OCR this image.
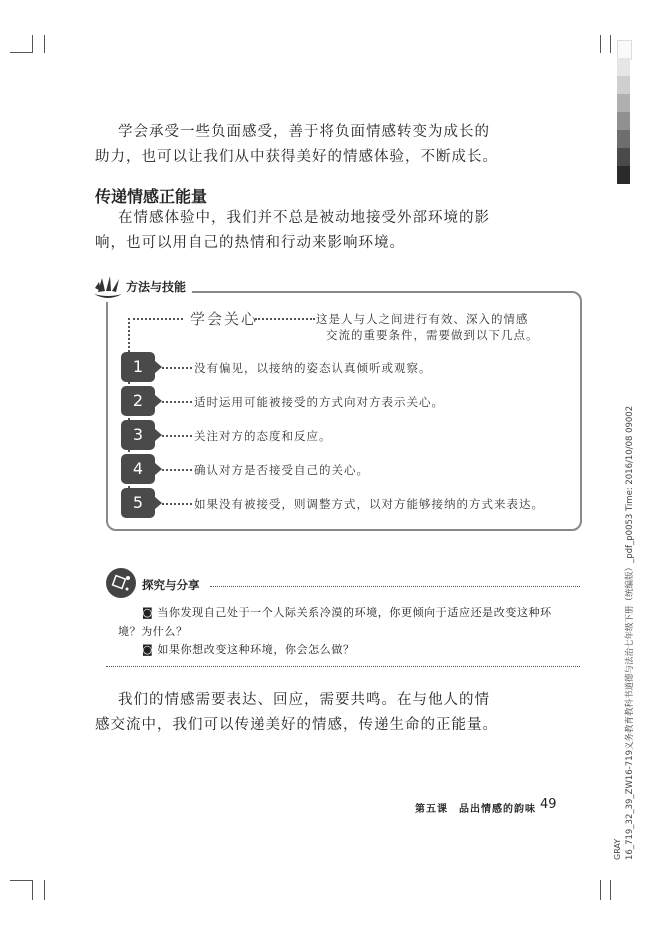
学会承受一些负面感受，善于将负面情感转变为成长的
助力，也可以让我们从中获得美好的情感体验，不断成长。
传递情感正能量
在情感体验中，我们并不总是被动地接受外部环境的影
响，也可以用自己的热情和行动来影响环境。
方法与技能
学会关心	这是人与人之间进行有效、深入的情感
交流的重要条件，需要做到以下几点。
1	没有偏见，以接纳的姿态认真倾听或观察。
2	适时运用可能被接受的方式向对方表示关心。
3	关注对方的态度和反应。
4	确认对方是否接受自己的关心。
5	如果没有被接受，则调整方式，以对方能够接纳的方式来表达。
探究与分享
◙ 当你发现自己处于一个人际关系冷漠的环境，你更倾向于适应还是改变这种环
境？为什么？
◙ 如果你想改变这种环境，你会怎么做？
我们的情感需要表达、回应，需要共鸣。在与他人的情
感交流中，我们可以传递美好的情感，传递生命的正能量。
第五课　品出情感的韵味 49	16_719_32_39_ZW16-719义务教育教科书道德与法治七年级下册（统编版）_pdf_p0053 Time: 2016/10/08 09002
GRAY
